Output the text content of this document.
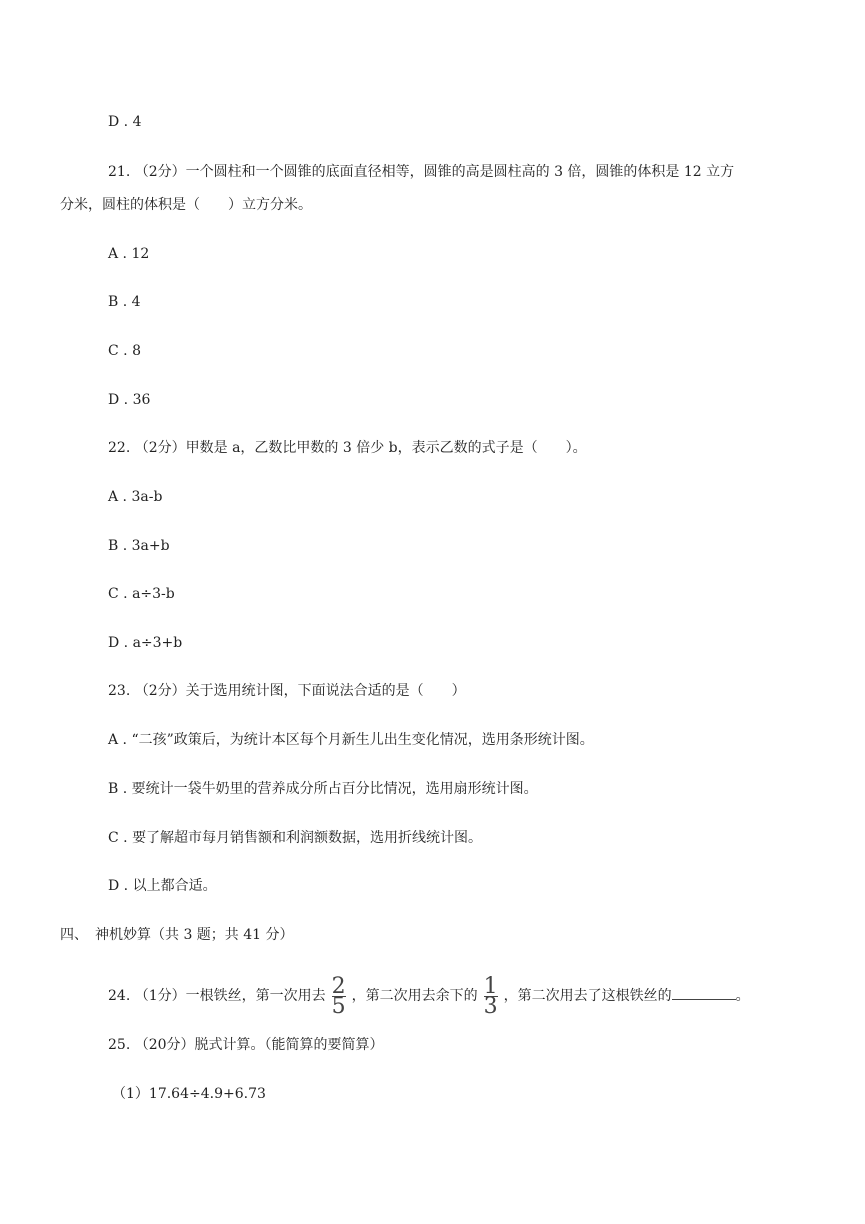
D . 4
21. （2分）一个圆柱和一个圆锥的底面直径相等，圆锥的高是圆柱高的 3 倍，圆锥的体积是 12 立方
分米，圆柱的体积是（　　）立方分米。
A . 12
B . 4
C . 8
D . 36
22. （2分）甲数是 a，乙数比甲数的 3 倍少 b，表示乙数的式子是（　　）。
A . 3a-b
B . 3a+b
C . a÷3-b
D . a÷3+b
23. （2分）关于选用统计图，下面说法合适的是（　　）
A . “二孩”政策后，为统计本区每个月新生儿出生变化情况，选用条形统计图。
B . 要统计一袋牛奶里的营养成分所占百分比情况，选用扇形统计图。
C . 要了解超市每月销售额和利润额数据，选用折线统计图。
D . 以上都合适。
四、　神机妙算（共 3 题；共 41 分）
24. （1分）一根铁丝，第一次用去 $\frac{2}{5}$ ，第二次用去余下的 $\frac{1}{3}$ ，第二次用去了这根铁丝的	。
25. （20分）脱式计算。（能简算的要简算）
（1）17.64÷4.9+6.73
